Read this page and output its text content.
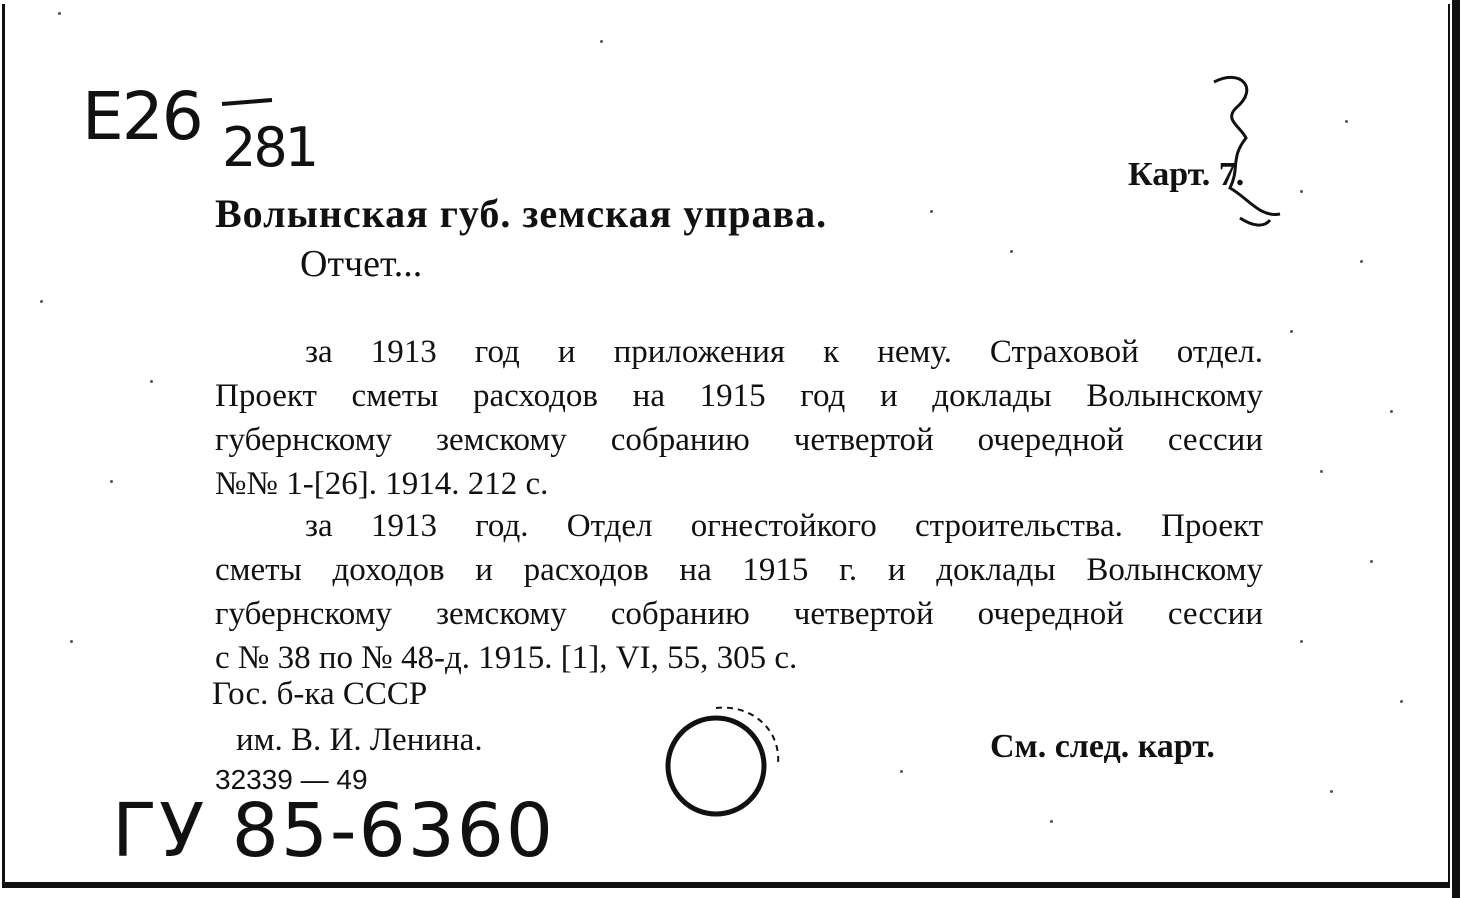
E26 281	Карт. 7.
Волынская губ. земская управа.
Отчет...
за 1913 год и приложения к нему. Страховой отдел.
Проект сметы расходов на 1915 год и доклады Волынскому
губернскому земскому собранию четвертой очередной сессии
№№ 1-[26]. 1914. 212 с.
за 1913 год. Отдел огнестойкого строительства. Проект
сметы доходов и расходов на 1915 г. и доклады Волынскому
губернскому земскому собранию четвертой очередной сессии
с № 38 по № 48-д. 1915. [1], VI, 55, 305 с.
Гос. б-ка СССР
им. В. И. Ленина.
32339 — 49
См. след. карт.
ГУ 85-6360
